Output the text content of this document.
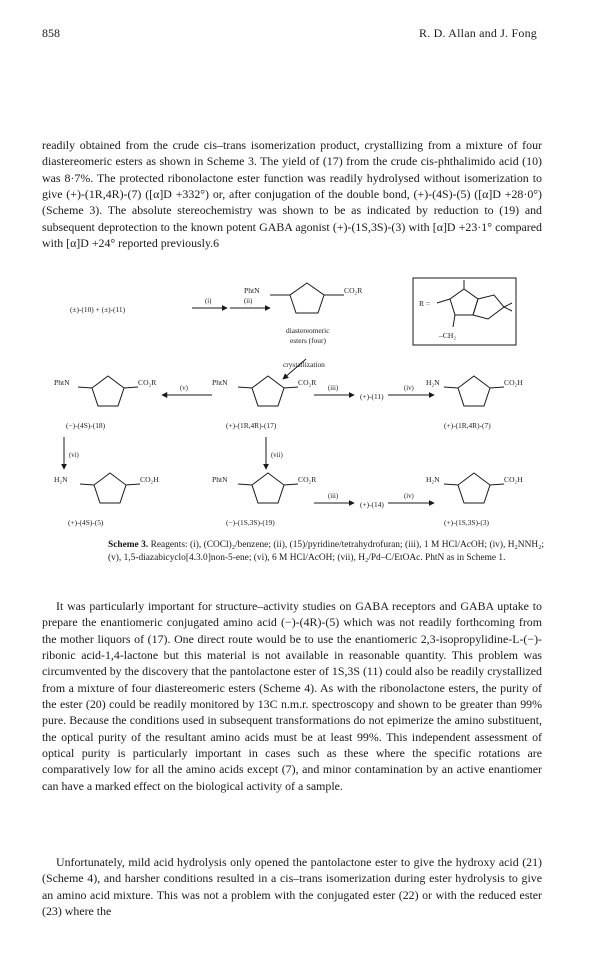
858	R. D. Allan and J. Fong

readily obtained from the crude cis–trans isomerization product, crystallizing from a mixture of four diastereomeric esters as shown in Scheme 3. The yield of (17) from the crude cis-phthalimido acid (10) was 8·7%. The protected ribonolactone ester function was readily hydrolysed without isomerization to give (+)-(1R,4R)-(7) ([α]D +332°) or, after conjugation of the double bond, (+)-(4S)-(5) ([α]D +28·0°) (Scheme 3). The absolute stereochemistry was shown to be as indicated by reduction to (19) and subsequent deprotection to the known potent GABA agonist (+)-(1S,3S)-(3) with [α]D +23·1° compared with [α]D +24° reported previously.6

(±)-(10) + (±)-(11)
(i)	(ii)
PhtN	CO₂R
diastereomeric
esters (four)
crystallization
R =
–CH₂
PhtN	CO₂R	PhtN	CO₂R	H₂N	CO₂H
(v)	(iii)	(iv)
(+)-(11)
(−)-(4S)-(18)	(+)-(1R,4R)-(17)	(+)-(1R,4R)-(7)
(vi)	(vii)
H₂N	CO₂H	PhtN	CO₂R	H₂N	CO₂H
(iii)	(iv)
(+)-(14)
(+)-(4S)-(5)	(−)-(1S,3S)-(19)	(+)-(1S,3S)-(3)

Scheme 3. Reagents: (i), (COCl)₂/benzene; (ii), (15)/pyridine/tetrahydrofuran; (iii), 1 M HCl/AcOH; (iv), H₂NNH₂; (v), 1,5-diazabicyclo[4.3.0]non-5-ene; (vi), 6 M HCl/AcOH; (vii), H₂/Pd–C/EtOAc. PhtN as in Scheme 1.

It was particularly important for structure–activity studies on GABA receptors and GABA uptake to prepare the enantiomeric conjugated amino acid (−)-(4R)-(5) which was not readily forthcoming from the mother liquors of (17). One direct route would be to use the enantiomeric 2,3-isopropylidine-L-(−)-ribonic acid-1,4-lactone but this material is not available in reasonable quantity. This problem was circumvented by the discovery that the pantolactone ester of 1S,3S (11) could also be readily crystallized from a mixture of four diastereomeric esters (Scheme 4). As with the ribonolactone esters, the purity of the ester (20) could be readily monitored by 13C n.m.r. spectroscopy and shown to be greater than 99% pure. Because the conditions used in subsequent transformations do not epimerize the amino substituent, the optical purity of the resultant amino acids must be at least 99%. This independent assessment of optical purity is particularly important in cases such as these where the specific rotations are comparatively low for all the amino acids except (7), and minor contamination by an active enantiomer can have a marked effect on the biological activity of a sample.

Unfortunately, mild acid hydrolysis only opened the pantolactone ester to give the hydroxy acid (21) (Scheme 4), and harsher conditions resulted in a cis–trans isomerization during ester hydrolysis to give an amino acid mixture. This was not a problem with the conjugated ester (22) or with the reduced ester (23) where the
